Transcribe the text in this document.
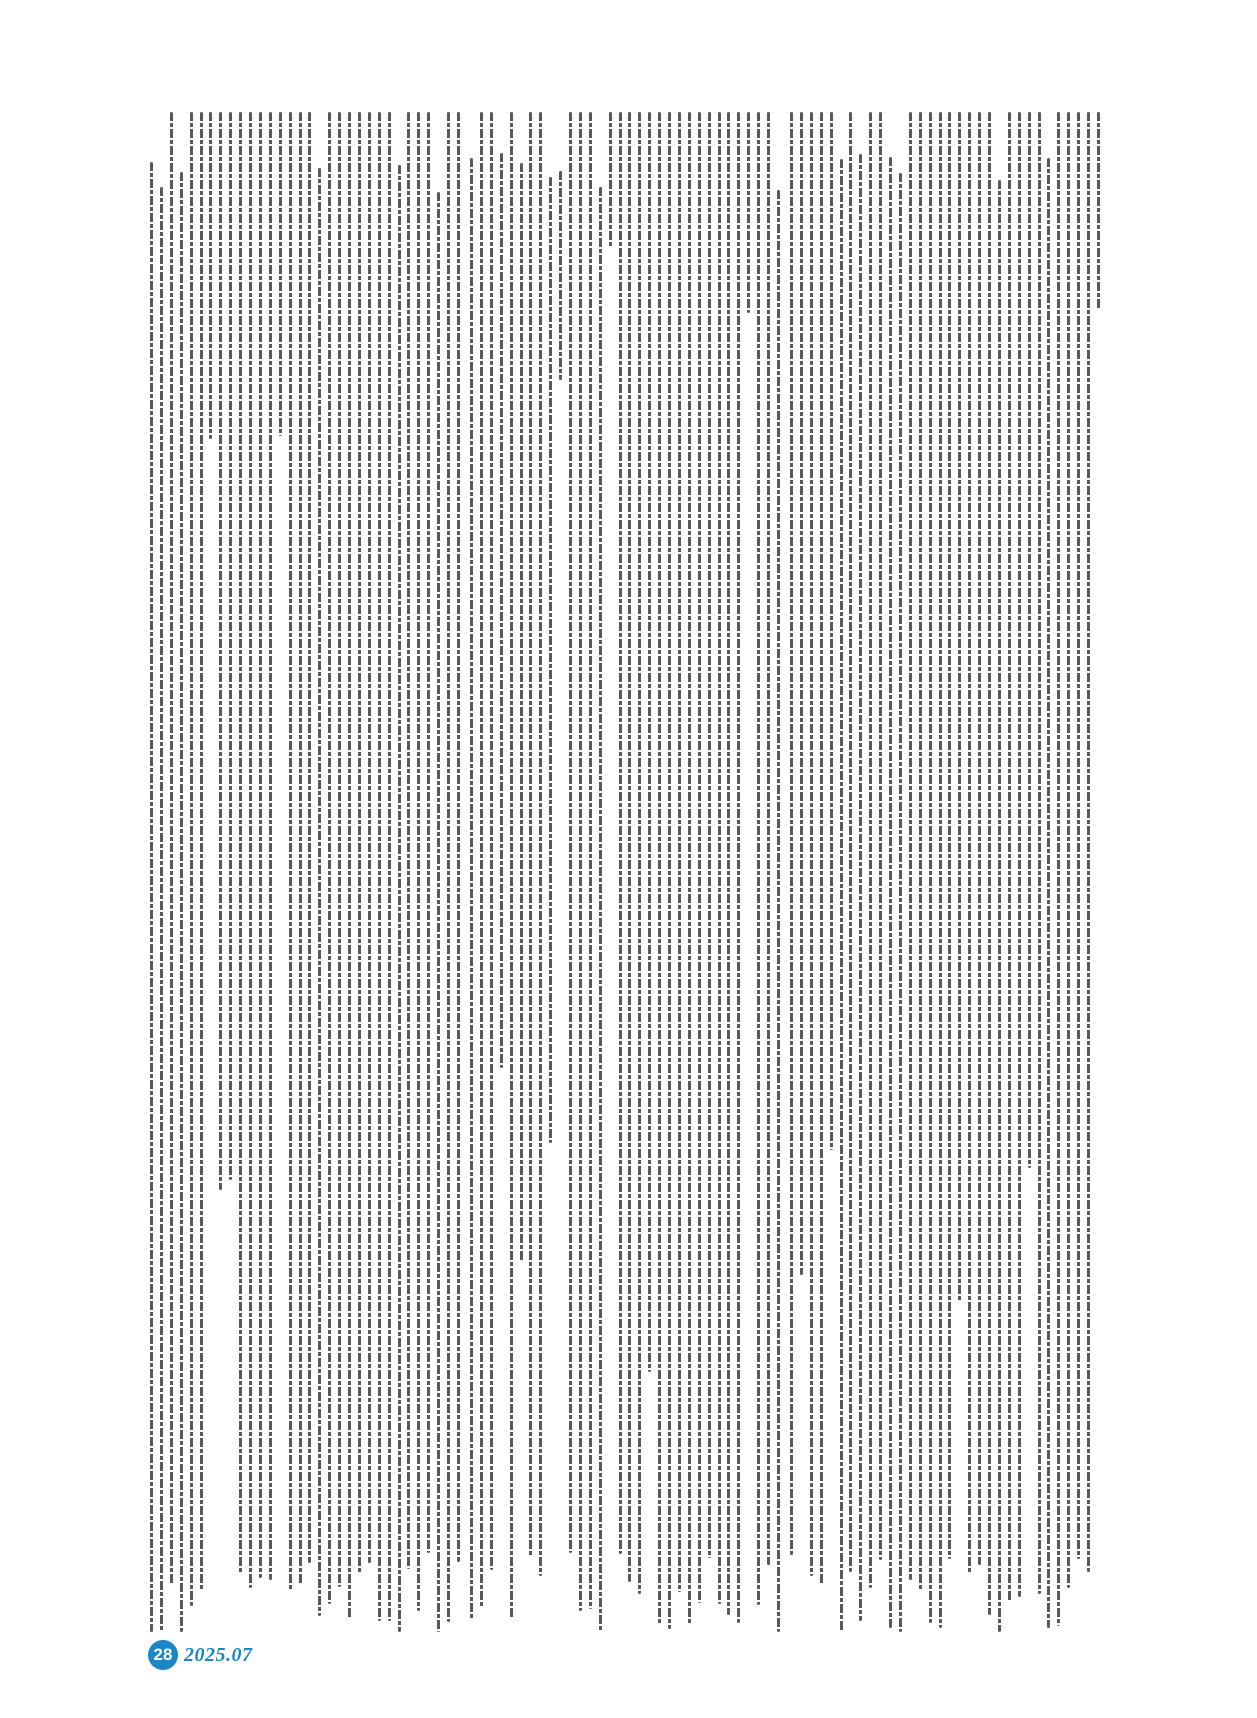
28 2025.07
